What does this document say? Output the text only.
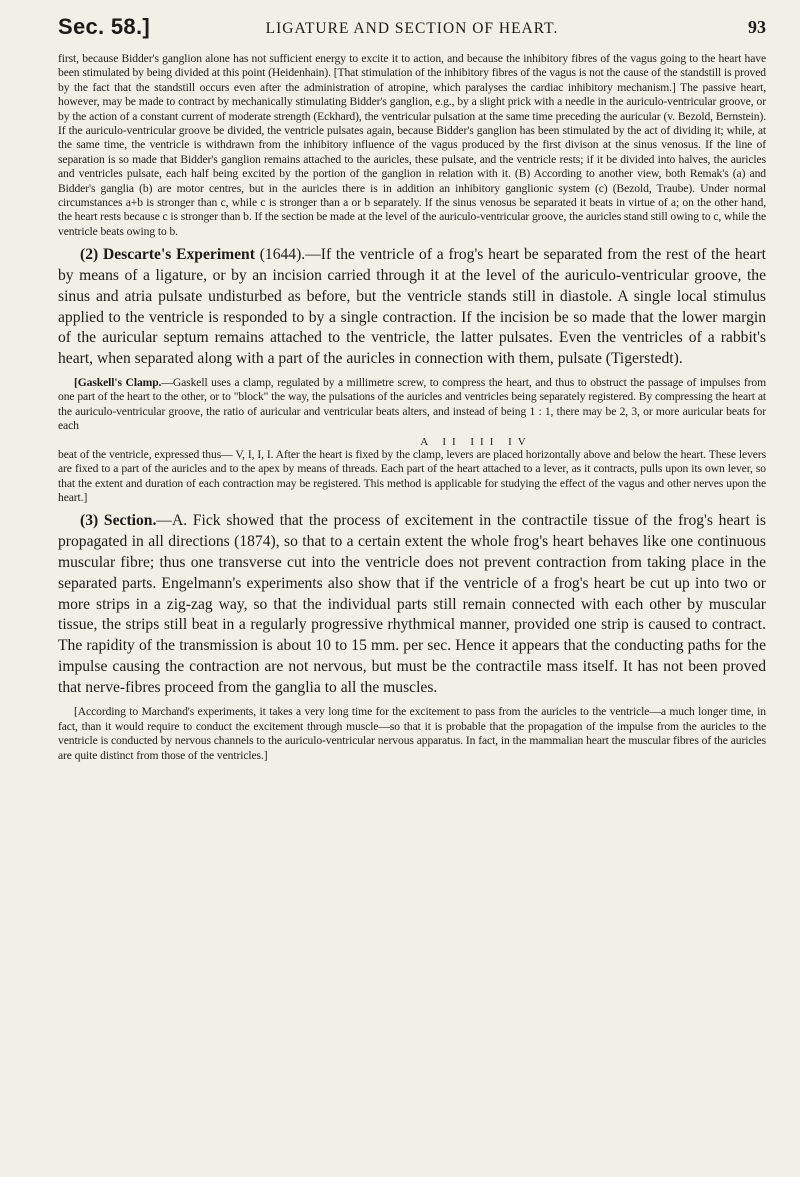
Sec. 58.]	LIGATURE AND SECTION OF HEART.	93

first, because Bidder's ganglion alone has not sufficient energy to excite it to action, and because the inhibitory fibres of the vagus going to the heart have been stimulated by being divided at this point (Heidenhain). [That stimulation of the inhibitory fibres of the vagus is not the cause of the standstill is proved by the fact that the standstill occurs even after the administration of atropine, which paralyses the cardiac inhibitory mechanism.] The passive heart, however, may be made to contract by mechanically stimulating Bidder's ganglion, e.g., by a slight prick with a needle in the auriculo-ventricular groove, or by the action of a constant current of moderate strength (Eckhard), the ventricular pulsation at the same time preceding the auricular (v. Bezold, Bernstein). If the auriculo-ventricular groove be divided, the ventricle pulsates again, because Bidder's ganglion has been stimulated by the act of dividing it; while, at the same time, the ventricle is withdrawn from the inhibitory influence of the vagus produced by the first divison at the sinus venosus. If the line of separation is so made that Bidder's ganglion remains attached to the auricles, these pulsate, and the ventricle rests; if it be divided into halves, the auricles and ventricles pulsate, each half being excited by the portion of the ganglion in relation with it. (B) According to another view, both Remak's (a) and Bidder's ganglia (b) are motor centres, but in the auricles there is in addition an inhibitory ganglionic system (c) (Bezold, Traube). Under normal circumstances a+b is stronger than c, while c is stronger than a or b separately. If the sinus venosus be separated it beats in virtue of a; on the other hand, the heart rests because c is stronger than b. If the section be made at the level of the auriculo-ventricular groove, the auricles stand still owing to c, while the ventricle beats owing to b.

(2) Descarte's Experiment (1644).—If the ventricle of a frog's heart be separated from the rest of the heart by means of a ligature, or by an incision carried through it at the level of the auriculo-ventricular groove, the sinus and atria pulsate undisturbed as before, but the ventricle stands still in diastole. A single local stimulus applied to the ventricle is responded to by a single contraction. If the incision be so made that the lower margin of the auricular septum remains attached to the ventricle, the latter pulsates. Even the ventricles of a rabbit's heart, when separated along with a part of the auricles in connection with them, pulsate (Tigerstedt).

[Gaskell's Clamp.—Gaskell uses a clamp, regulated by a millimetre screw, to compress the heart, and thus to obstruct the passage of impulses from one part of the heart to the other, or to "block" the way, the pulsations of the auricles and ventricles being separately registered. By compressing the heart at the auriculo-ventricular groove, the ratio of auricular and ventricular beats alters, and instead of being 1 : 1, there may be 2, 3, or more auricular beats for each

A II III IV

beat of the ventricle, expressed thus— V, I, I, I. After the heart is fixed by the clamp, levers are placed horizontally above and below the heart. These levers are fixed to a part of the auricles and to the apex by means of threads. Each part of the heart attached to a lever, as it contracts, pulls upon its own lever, so that the extent and duration of each contraction may be registered. This method is applicable for studying the effect of the vagus and other nerves upon the heart.]

(3) Section.—A. Fick showed that the process of excitement in the contractile tissue of the frog's heart is propagated in all directions (1874), so that to a certain extent the whole frog's heart behaves like one continuous muscular fibre; thus one transverse cut into the ventricle does not prevent contraction from taking place in the separated parts. Engelmann's experiments also show that if the ventricle of a frog's heart be cut up into two or more strips in a zig-zag way, so that the individual parts still remain connected with each other by muscular tissue, the strips still beat in a regularly progressive rhythmical manner, provided one strip is caused to contract. The rapidity of the transmission is about 10 to 15 mm. per sec. Hence it appears that the conducting paths for the impulse causing the contraction are not nervous, but must be the contractile mass itself. It has not been proved that nerve-fibres proceed from the ganglia to all the muscles.

[According to Marchand's experiments, it takes a very long time for the excitement to pass from the auricles to the ventricle—a much longer time, in fact, than it would require to conduct the excitement through muscle—so that it is probable that the propagation of the impulse from the auricles to the ventricle is conducted by nervous channels to the auriculo-ventricular nervous apparatus. In fact, in the mammalian heart the muscular fibres of the auricles are quite distinct from those of the ventricles.]
